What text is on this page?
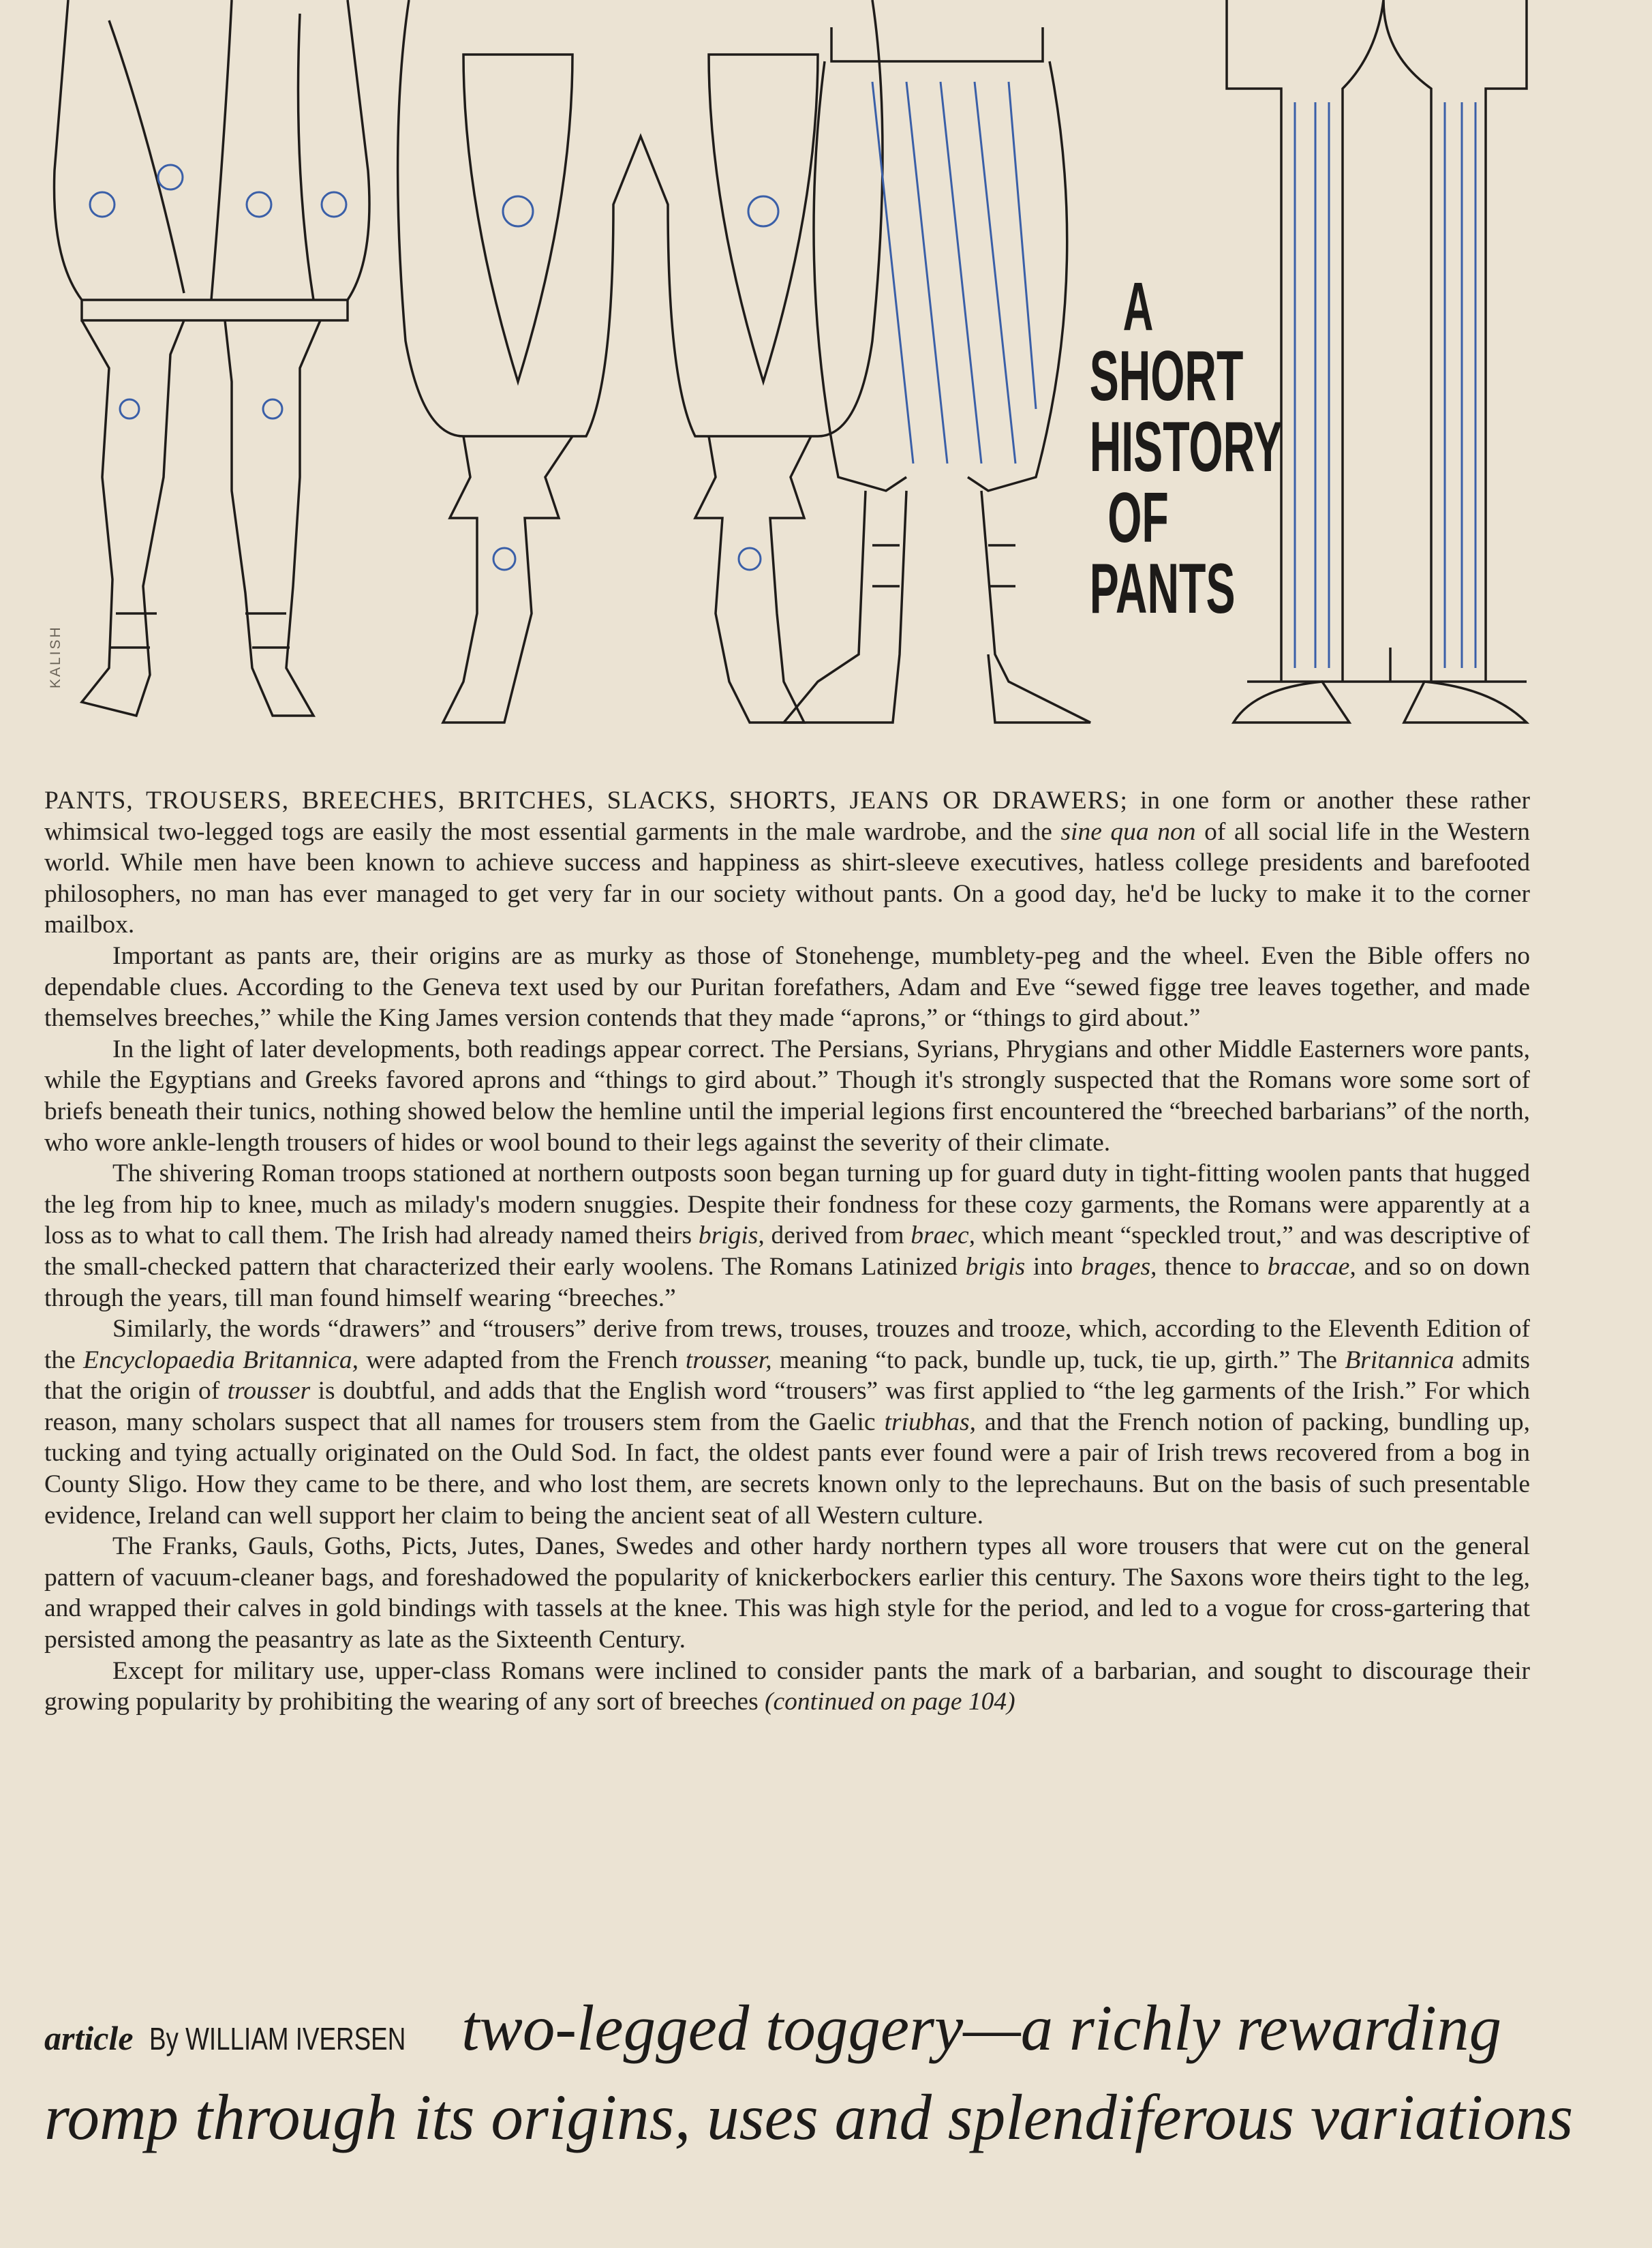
KALISH
A
SHORT
HISTORY
OF
PANTS

PANTS, TROUSERS, BREECHES, BRITCHES, SLACKS, SHORTS, JEANS OR DRAWERS; in one form or another these rather whimsical two-legged togs are easily the most essential garments in the male wardrobe, and the sine qua non of all social life in the Western world. While men have been known to achieve success and happiness as shirt-sleeve executives, hatless college presidents and barefooted philosophers, no man has ever managed to get very far in our society without pants. On a good day, he'd be lucky to make it to the corner mailbox.

Important as pants are, their origins are as murky as those of Stonehenge, mumblety-peg and the wheel. Even the Bible offers no dependable clues. According to the Geneva text used by our Puritan forefathers, Adam and Eve “sewed figge tree leaves together, and made themselves breeches,” while the King James version contends that they made “aprons,” or “things to gird about.”

In the light of later developments, both readings appear correct. The Persians, Syrians, Phrygians and other Middle Easterners wore pants, while the Egyptians and Greeks favored aprons and “things to gird about.” Though it's strongly suspected that the Romans wore some sort of briefs beneath their tunics, nothing showed below the hemline until the imperial legions first encountered the “breeched barbarians” of the north, who wore ankle-length trousers of hides or wool bound to their legs against the severity of their climate.

The shivering Roman troops stationed at northern outposts soon began turning up for guard duty in tight-fitting woolen pants that hugged the leg from hip to knee, much as milady's modern snuggies. Despite their fondness for these cozy garments, the Romans were apparently at a loss as to what to call them. The Irish had already named theirs brigis, derived from braec, which meant “speckled trout,” and was descriptive of the small-checked pattern that characterized their early woolens. The Romans Latinized brigis into brages, thence to braccae, and so on down through the years, till man found himself wearing “breeches.”

Similarly, the words “drawers” and “trousers” derive from trews, trouses, trouzes and trooze, which, according to the Eleventh Edition of the Encyclopaedia Britannica, were adapted from the French trousser, meaning “to pack, bundle up, tuck, tie up, girth.” The Britannica admits that the origin of trousser is doubtful, and adds that the English word “trousers” was first applied to “the leg garments of the Irish.” For which reason, many scholars suspect that all names for trousers stem from the Gaelic triubhas, and that the French notion of packing, bundling up, tucking and tying actually originated on the Ould Sod. In fact, the oldest pants ever found were a pair of Irish trews recovered from a bog in County Sligo. How they came to be there, and who lost them, are secrets known only to the leprechauns. But on the basis of such presentable evidence, Ireland can well support her claim to being the ancient seat of all Western culture.

The Franks, Gauls, Goths, Picts, Jutes, Danes, Swedes and other hardy northern types all wore trousers that were cut on the general pattern of vacuum-cleaner bags, and foreshadowed the popularity of knickerbockers earlier this century. The Saxons wore theirs tight to the leg, and wrapped their calves in gold bindings with tassels at the knee. This was high style for the period, and led to a vogue for cross-gartering that persisted among the peasantry as late as the Sixteenth Century.

Except for military use, upper-class Romans were inclined to consider pants the mark of a barbarian, and sought to discourage their growing popularity by prohibiting the wearing of any sort of breeches (continued on page 104)

article By WILLIAM IVERSEN two-legged toggery—a richly rewarding
romp through its origins, uses and splendiferous variations
